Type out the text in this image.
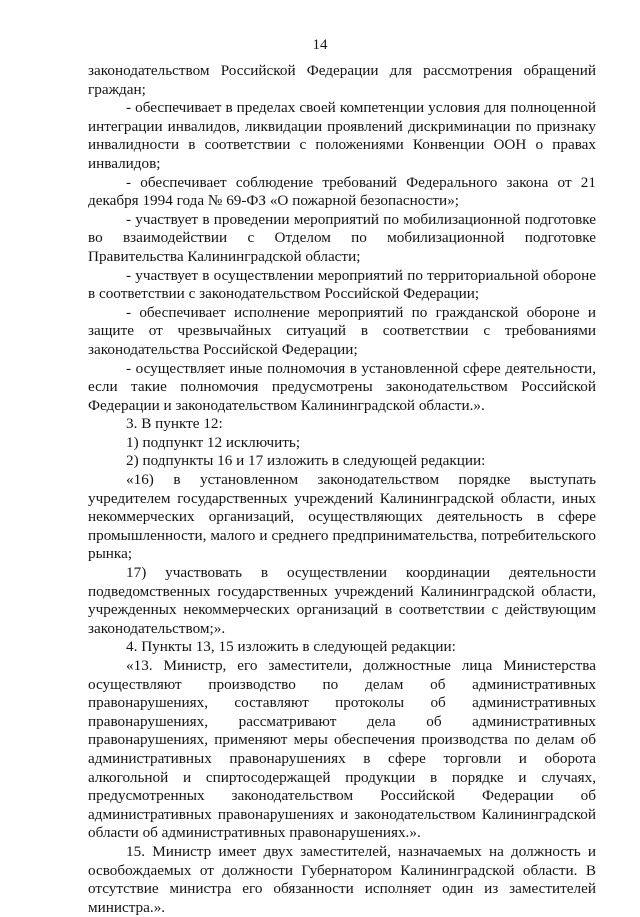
14

законодательством Российской Федерации для рассмотрения обращений граждан;

- обеспечивает в пределах своей компетенции условия для полноценной интеграции инвалидов, ликвидации проявлений дискриминации по признаку инвалидности в соответствии с положениями Конвенции ООН о правах инвалидов;

- обеспечивает соблюдение требований Федерального закона от 21 декабря 1994 года № 69-ФЗ «О пожарной безопасности»;

- участвует в проведении мероприятий по мобилизационной подготовке во взаимодействии с Отделом по мобилизационной подготовке Правительства Калининградской области;

- участвует в осуществлении мероприятий по территориальной обороне в соответствии с законодательством Российской Федерации;

- обеспечивает исполнение мероприятий по гражданской обороне и защите от чрезвычайных ситуаций в соответствии с требованиями законодательства Российской Федерации;

- осуществляет иные полномочия в установленной сфере деятельности, если такие полномочия предусмотрены законодательством Российской Федерации и законодательством Калининградской области.».

3. В пункте 12:

1) подпункт 12 исключить;

2) подпункты 16 и 17 изложить в следующей редакции:

«16) в установленном законодательством порядке выступать учредителем государственных учреждений Калининградской области, иных некоммерческих организаций, осуществляющих деятельность в сфере промышленности, малого и среднего предпринимательства, потребительского рынка;

17) участвовать в осуществлении координации деятельности подведомственных государственных учреждений Калининградской области, учрежденных некоммерческих организаций в соответствии с действующим законодательством;».

4. Пункты 13, 15 изложить в следующей редакции:

«13. Министр, его заместители, должностные лица Министерства осуществляют производство по делам об административных правонарушениях, составляют протоколы об административных правонарушениях, рассматривают дела об административных правонарушениях, применяют меры обеспечения производства по делам об административных правонарушениях в сфере торговли и оборота алкогольной и спиртосодержащей продукции в порядке и случаях, предусмотренных законодательством Российской Федерации об административных правонарушениях и законодательством Калининградской области об административных правонарушениях.».

15. Министр имеет двух заместителей, назначаемых на должность и освобождаемых от должности Губернатором Калининградской области. В отсутствие министра его обязанности исполняет один из заместителей министра.».
